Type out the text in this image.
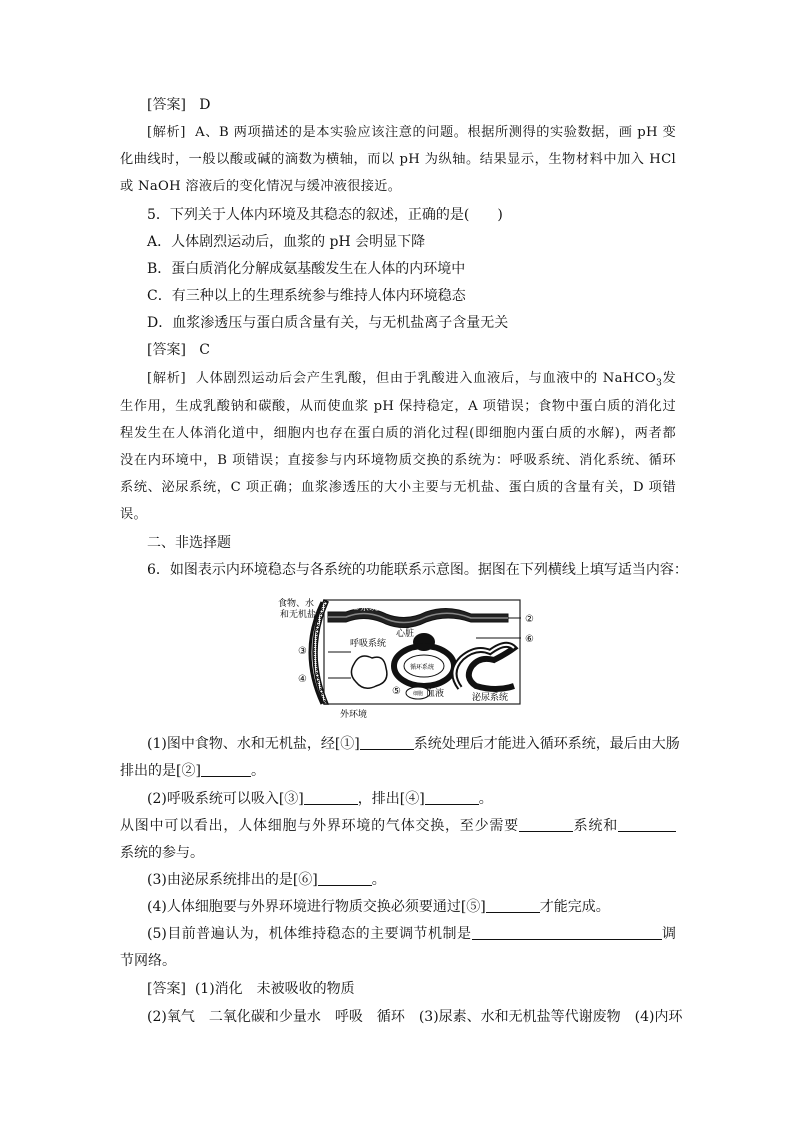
[答案] D
[解析] A、B 两项描述的是本实验应该注意的问题。根据所测得的实验数据，画 pH 变
化曲线时，一般以酸或碱的滴数为横轴，而以 pH 为纵轴。结果显示，生物材料中加入 HCl
或 NaOH 溶液后的变化情况与缓冲液很接近。
5．下列关于人体内环境及其稳态的叙述，正确的是(　　)
A．人体剧烈运动后，血浆的 pH 会明显下降
B．蛋白质消化分解成氨基酸发生在人体的内环境中
C．有三种以上的生理系统参与维持人体内环境稳态
D．血浆渗透压与蛋白质含量有关，与无机盐离子含量无关
[答案] C
[解析] 人体剧烈运动后会产生乳酸，但由于乳酸进入血液后，与血液中的 NaHCO$_3$发
生作用，生成乳酸钠和碳酸，从而使血浆 pH 保持稳定，A 项错误；食物中蛋白质的消化过
程发生在人体消化道中，细胞内也存在蛋白质的消化过程(即细胞内蛋白质的水解)，两者都
没在内环境中，B 项错误；直接参与内环境物质交换的系统为：呼吸系统、消化系统、循环
系统、泌尿系统，C 项正确；血浆渗透压的大小主要与无机盐、蛋白质的含量有关，D 项错
误。
二、非选择题
6．如图表示内环境稳态与各系统的功能联系示意图。据图在下列横线上填写适当内容：
食物、水
和无机盐
①系统
②
⑥
③
④
⑤
心脏
呼吸系统
循环系统
细胞 血液	泌尿系统
外环境
(1)图中食物、水和无机盐，经[①]	系统处理后才能进入循环系统，最后由大肠
排出的是[②]	。
(2)呼吸系统可以吸入[③]	，排出[④]	。
从图中可以看出，人体细胞与外界环境的气体交换，至少需要	系统和
系统的参与。
(3)由泌尿系统排出的是[⑥]	。
(4)人体细胞要与外界环境进行物质交换必须要通过[⑤]	才能完成。
(5)目前普遍认为，机体维持稳态的主要调节机制是	调
节网络。
[答案] (1)消化　未被吸收的物质
(2)氧气　二氧化碳和少量水　呼吸　循环　(3)尿素、水和无机盐等代谢废物　(4)内环
